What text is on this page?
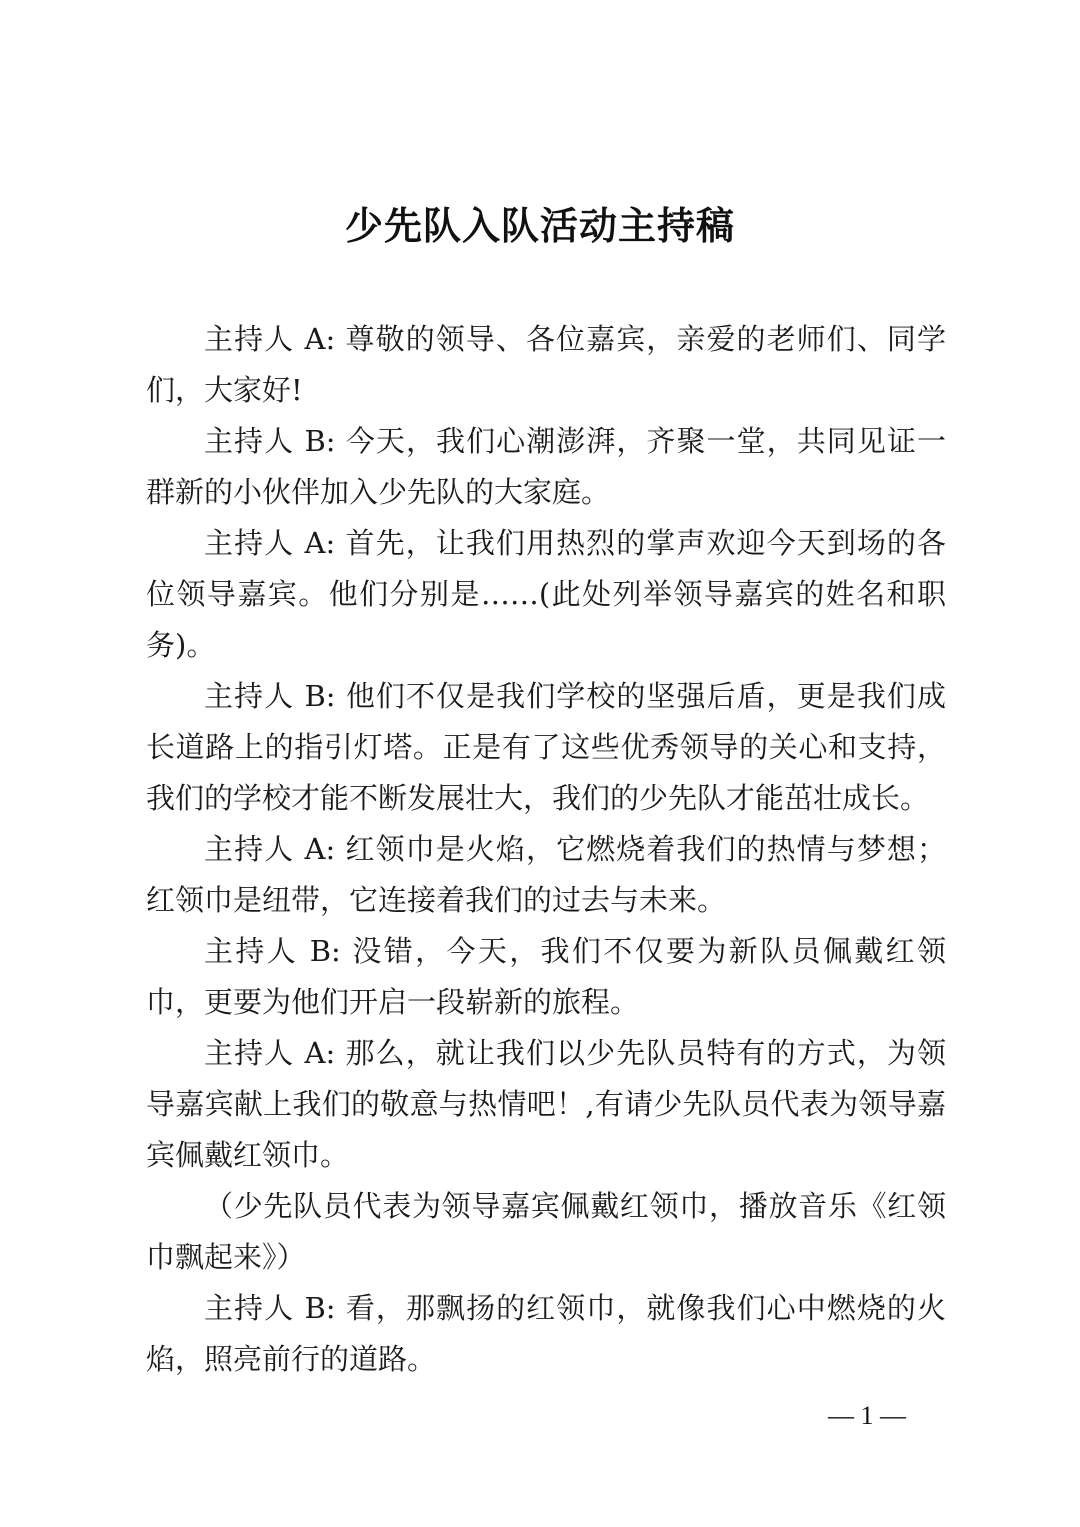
少先队入队活动主持稿

主持人 A: 尊敬的领导、各位嘉宾，亲爱的老师们、同学们，大家好!

主持人 B: 今天，我们心潮澎湃，齐聚一堂，共同见证一群新的小伙伴加入少先队的大家庭。

主持人 A: 首先，让我们用热烈的掌声欢迎今天到场的各位领导嘉宾。他们分别是……(此处列举领导嘉宾的姓名和职务)。

主持人 B: 他们不仅是我们学校的坚强后盾，更是我们成长道路上的指引灯塔。正是有了这些优秀领导的关心和支持，我们的学校才能不断发展壮大，我们的少先队才能茁壮成长。

主持人 A: 红领巾是火焰，它燃烧着我们的热情与梦想；红领巾是纽带，它连接着我们的过去与未来。

主持人 B: 没错，今天，我们不仅要为新队员佩戴红领巾，更要为他们开启一段崭新的旅程。

主持人 A: 那么，就让我们以少先队员特有的方式，为领导嘉宾献上我们的敬意与热情吧！,有请少先队员代表为领导嘉宾佩戴红领巾。

（少先队员代表为领导嘉宾佩戴红领巾，播放音乐《红领巾飘起来》）

主持人 B: 看，那飘扬的红领巾，就像我们心中燃烧的火焰，照亮前行的道路。

— 1 —
